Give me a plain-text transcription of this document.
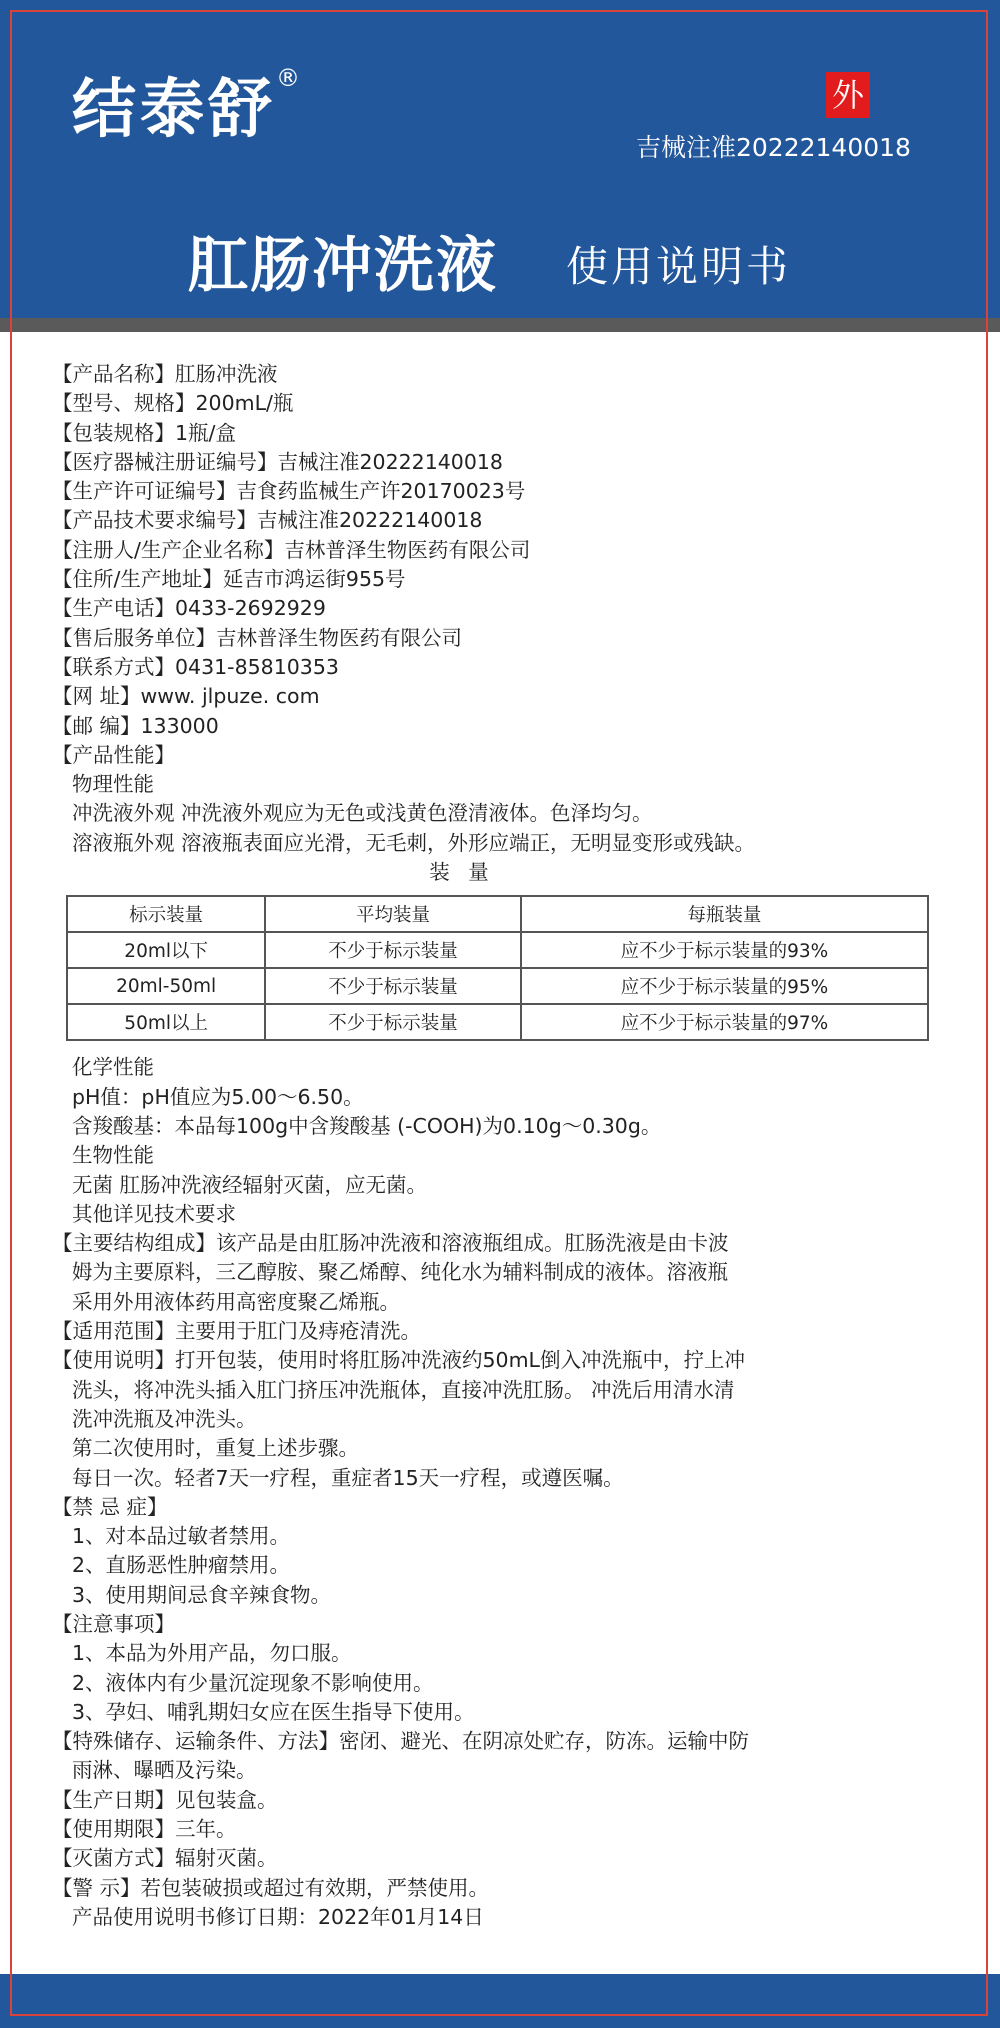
结泰舒®	外
吉械注准20222140018
肛肠冲洗液 使用说明书
【产品名称】肛肠冲洗液
【型号、规格】200mL/瓶
【包装规格】1瓶/盒
【医疗器械注册证编号】吉械注准20222140018
【生产许可证编号】吉食药监械生产许20170023号
【产品技术要求编号】吉械注准20222140018
【注册人/生产企业名称】吉林普泽生物医药有限公司
【住所/生产地址】延吉市鸿运街955号
【生产电话】0433-2692929
【售后服务单位】吉林普泽生物医药有限公司
【联系方式】0431-85810353
【网 址】www. jlpuze. com
【邮 编】133000
【产品性能】
物理性能
冲洗液外观 冲洗液外观应为无色或浅黄色澄清液体。色泽均匀。
溶液瓶外观 溶液瓶表面应光滑，无毛刺，外形应端正，无明显变形或残缺。
装 量
标示装量	平均装量	每瓶装量
20ml以下	不少于标示装量	应不少于标示装量的93%
20ml-50ml	不少于标示装量	应不少于标示装量的95%
50ml以上	不少于标示装量	应不少于标示装量的97%
化学性能
pH值：pH值应为5.00～6.50。
含羧酸基：本品每100g中含羧酸基 (-COOH)为0.10g～0.30g。
生物性能
无菌 肛肠冲洗液经辐射灭菌，应无菌。
其他详见技术要求
【主要结构组成】该产品是由肛肠冲洗液和溶液瓶组成。肛肠洗液是由卡波
姆为主要原料，三乙醇胺、聚乙烯醇、纯化水为辅料制成的液体。溶液瓶
采用外用液体药用高密度聚乙烯瓶。
【适用范围】主要用于肛门及痔疮清洗。
【使用说明】打开包装，使用时将肛肠冲洗液约50mL倒入冲洗瓶中，拧上冲
洗头，将冲洗头插入肛门挤压冲洗瓶体，直接冲洗肛肠。 冲洗后用清水清
洗冲洗瓶及冲洗头。
第二次使用时，重复上述步骤。
每日一次。轻者7天一疗程，重症者15天一疗程，或遵医嘱。
【禁 忌 症】
1、对本品过敏者禁用。
2、直肠恶性肿瘤禁用。
3、使用期间忌食辛辣食物。
【注意事项】
1、本品为外用产品，勿口服。
2、液体内有少量沉淀现象不影响使用。
3、孕妇、哺乳期妇女应在医生指导下使用。
【特殊储存、运输条件、方法】密闭、避光、在阴凉处贮存，防冻。运输中防
雨淋、曝晒及污染。
【生产日期】见包装盒。
【使用期限】三年。
【灭菌方式】辐射灭菌。
【警 示】若包装破损或超过有效期，严禁使用。
产品使用说明书修订日期：2022年01月14日
